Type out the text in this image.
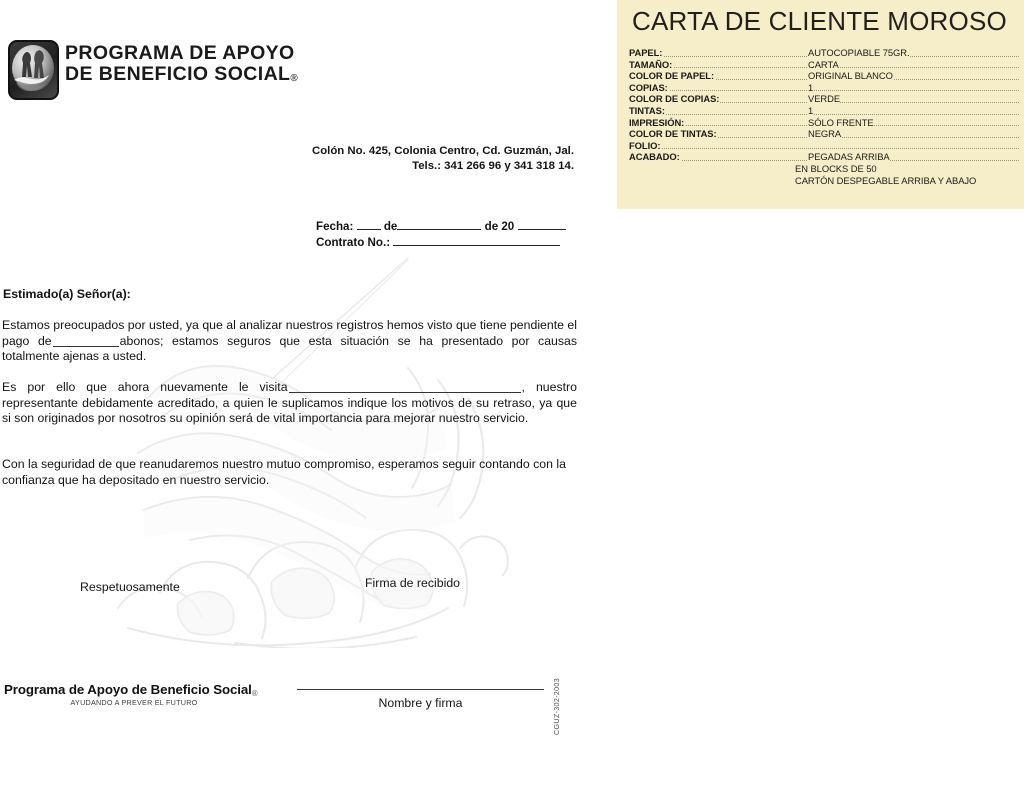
CARTA DE CLIENTE MOROSO
PAPEL:	AUTOCOPIABLE 75GR.
TAMAÑO:	CARTA
COLOR DE PAPEL:	ORIGINAL BLANCO
COPIAS:	1
COLOR DE COPIAS:	VERDE
TINTAS:	1
IMPRESIÓN:	SÓLO FRENTE
COLOR DE TINTAS:	NEGRA
FOLIO:
ACABADO:	PEGADAS ARRIBA
EN BLOCKS DE 50
CARTÓN DESPEGABLE ARRIBA Y ABAJO
PROGRAMA DE APOYO
DE BENEFICIO SOCIAL®
Colón No. 425, Colonia Centro, Cd. Guzmán, Jal.
Tels.: 341 266 96 y 341 318 14.
Fecha:	de	de 20
Contrato No.:
Estimado(a) Señor(a):
Estamos preocupados por usted, ya que al analizar nuestros registros hemos visto que tiene pendiente el pago de	abonos; estamos seguros que esta situación se ha presentado por causas totalmente ajenas a usted.
Es por ello que ahora nuevamente le visita	, nuestro representante debidamente acreditado, a quien le suplicamos indique los motivos de su retraso, ya que si son originados por nosotros su opinión será de vital importancia para mejorar nuestro servicio.
Con la seguridad de que reanudaremos nuestro mutuo compromiso, esperamos seguir contando con la confianza que ha depositado en nuestro servicio.
Respetuosamente	Firma de recibido
Programa de Apoyo de Beneficio Social®
AYUDANDO A PREVER EL FUTURO	Nombre y firma	CGUZ-302-2003
